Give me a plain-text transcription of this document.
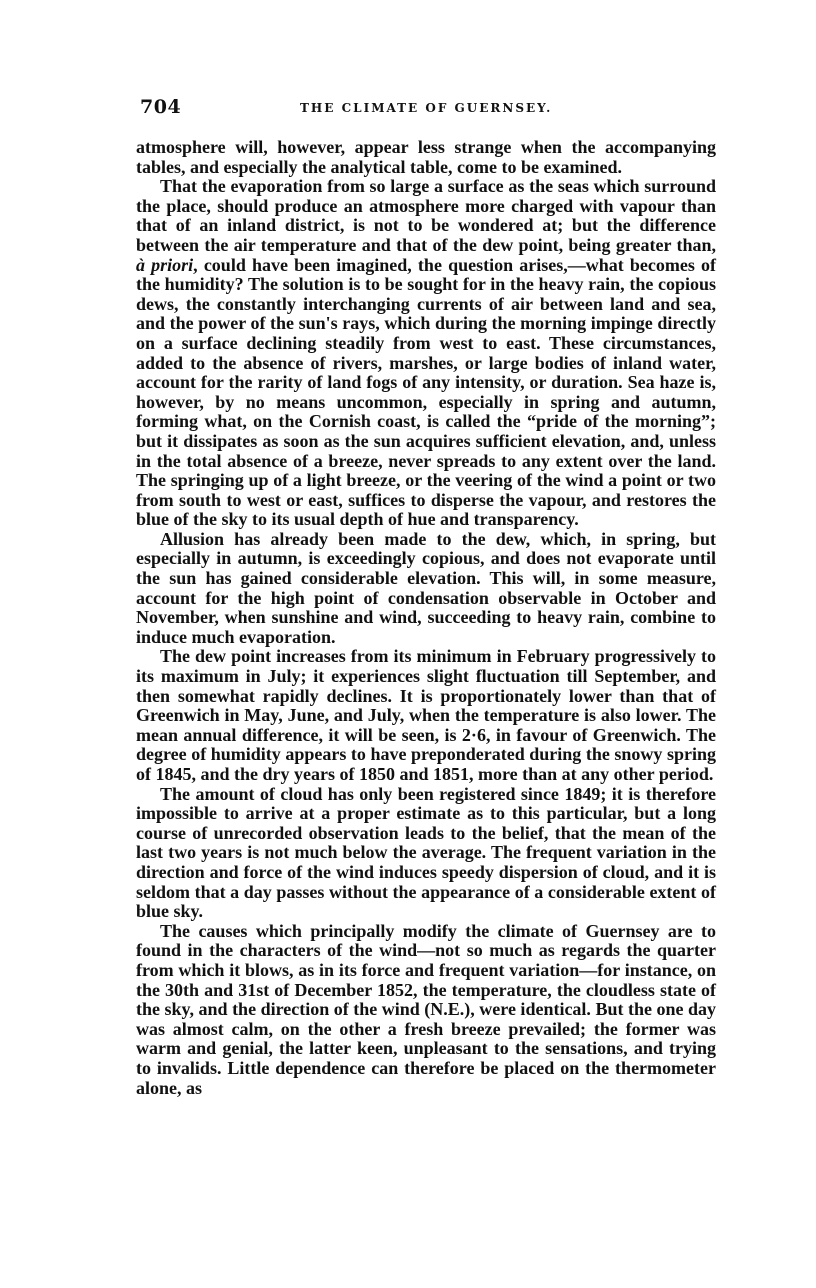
704	THE CLIMATE OF GUERNSEY.

atmosphere will, however, appear less strange when the accompanying tables, and especially the analytical table, come to be examined.

That the evaporation from so large a surface as the seas which surround the place, should produce an atmosphere more charged with vapour than that of an inland district, is not to be wondered at; but the difference between the air temperature and that of the dew point, being greater than, à priori, could have been imagined, the question arises,—what becomes of the humidity? The solution is to be sought for in the heavy rain, the copious dews, the constantly interchanging currents of air between land and sea, and the power of the sun's rays, which during the morning impinge directly on a surface declining steadily from west to east. These circumstances, added to the absence of rivers, marshes, or large bodies of inland water, account for the rarity of land fogs of any intensity, or duration. Sea haze is, however, by no means uncommon, especially in spring and autumn, forming what, on the Cornish coast, is called the “pride of the morning”; but it dissipates as soon as the sun acquires sufficient elevation, and, unless in the total absence of a breeze, never spreads to any extent over the land. The springing up of a light breeze, or the veering of the wind a point or two from south to west or east, suffices to disperse the vapour, and restores the blue of the sky to its usual depth of hue and transparency.

Allusion has already been made to the dew, which, in spring, but especially in autumn, is exceedingly copious, and does not evaporate until the sun has gained considerable elevation. This will, in some measure, account for the high point of condensation observable in October and November, when sunshine and wind, succeeding to heavy rain, combine to induce much evaporation.

The dew point increases from its minimum in February progressively to its maximum in July; it experiences slight fluctuation till September, and then somewhat rapidly declines. It is proportionately lower than that of Greenwich in May, June, and July, when the temperature is also lower. The mean annual difference, it will be seen, is 2·6, in favour of Greenwich. The degree of humidity appears to have preponderated during the snowy spring of 1845, and the dry years of 1850 and 1851, more than at any other period.

The amount of cloud has only been registered since 1849; it is therefore impossible to arrive at a proper estimate as to this particular, but a long course of unrecorded observation leads to the belief, that the mean of the last two years is not much below the average. The frequent variation in the direction and force of the wind induces speedy dispersion of cloud, and it is seldom that a day passes without the appearance of a considerable extent of blue sky.

The causes which principally modify the climate of Guernsey are to found in the characters of the wind—not so much as regards the quarter from which it blows, as in its force and frequent variation—for instance, on the 30th and 31st of December 1852, the temperature, the cloudless state of the sky, and the direction of the wind (N.E.), were identical. But the one day was almost calm, on the other a fresh breeze prevailed; the former was warm and genial, the latter keen, unpleasant to the sensations, and trying to invalids. Little dependence can therefore be placed on the thermometer alone, as
